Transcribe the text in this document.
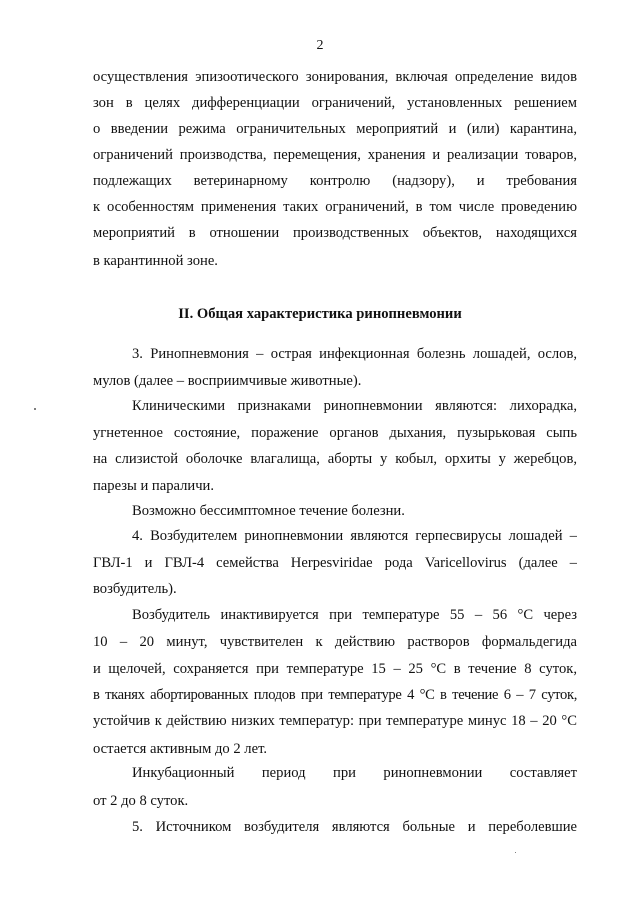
2
осуществления эпизоотического зонирования, включая определение видов
зон в целях дифференциации ограничений, установленных решением
о введении режима ограничительных мероприятий и (или) карантина,
ограничений производства, перемещения, хранения и реализации товаров,
подлежащих ветеринарному контролю (надзору), и требования
к особенностям применения таких ограничений, в том числе проведению
мероприятий в отношении производственных объектов, находящихся
в карантинной зоне.
II. Общая характеристика ринопневмонии
3. Ринопневмония – острая инфекционная болезнь лошадей, ослов,
мулов (далее – восприимчивые животные).
Клиническими признаками ринопневмонии являются: лихорадка,
угнетенное состояние, поражение органов дыхания, пузырьковая сыпь
на слизистой оболочке влагалища, аборты у кобыл, орхиты у жеребцов,
парезы и параличи.
Возможно бессимптомное течение болезни.
4. Возбудителем ринопневмонии являются герпесвирусы лошадей –
ГВЛ-1 и ГВЛ-4 семейства Herpesviridae рода Varicellovirus (далее –
возбудитель).
Возбудитель инактивируется при температуре 55 – 56 °С через
10 – 20 минут, чувствителен к действию растворов формальдегида
и щелочей, сохраняется при температуре 15 – 25 °С в течение 8 суток,
в тканях абортированных плодов при температуре 4 °С в течение 6 – 7 суток,
устойчив к действию низких температур: при температуре минус 18 – 20 °С
остается активным до 2 лет.
Инкубационный период при ринопневмонии составляет
от 2 до 8 суток.
5. Источником возбудителя являются больные и переболевшие
